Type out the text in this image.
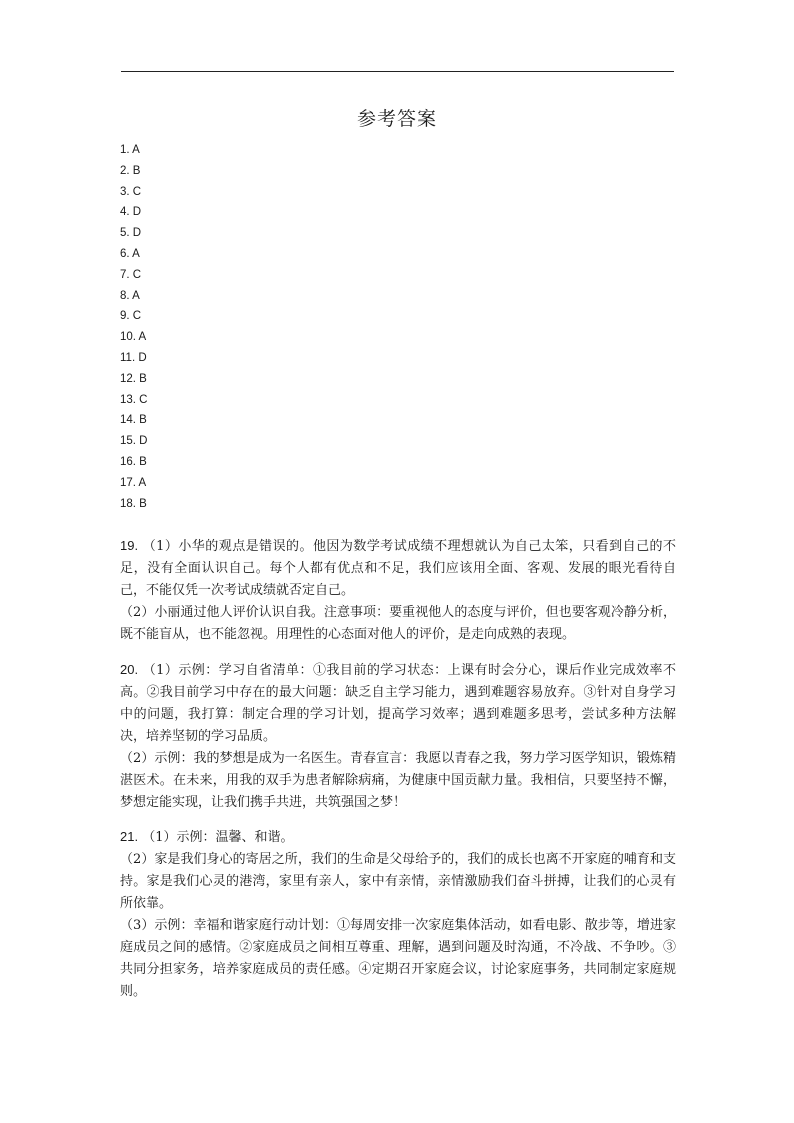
参考答案
1. A
2. B
3. C
4. D
5. D
6. A
7. C
8. A
9. C
10. A
11. D
12. B
13. C
14. B
15. D
16. B
17. A
18. B

19. （1）小华的观点是错误的。他因为数学考试成绩不理想就认为自己太笨，只看到自己的不足，没有全面认识自己。每个人都有优点和不足，我们应该用全面、客观、发展的眼光看待自己，不能仅凭一次考试成绩就否定自己。

（2）小丽通过他人评价认识自我。注意事项：要重视他人的态度与评价，但也要客观冷静分析，既不能盲从，也不能忽视。用理性的心态面对他人的评价，是走向成熟的表现。

20. （1）示例：学习自省清单：①我目前的学习状态：上课有时会分心，课后作业完成效率不高。②我目前学习中存在的最大问题：缺乏自主学习能力，遇到难题容易放弃。③针对自身学习中的问题，我打算：制定合理的学习计划，提高学习效率；遇到难题多思考，尝试多种方法解决，培养坚韧的学习品质。

（2）示例：我的梦想是成为一名医生。青春宣言：我愿以青春之我，努力学习医学知识，锻炼精湛医术。在未来，用我的双手为患者解除病痛，为健康中国贡献力量。我相信，只要坚持不懈，梦想定能实现，让我们携手共进，共筑强国之梦！

21. （1）示例：温馨、和谐。

（2）家是我们身心的寄居之所，我们的生命是父母给予的，我们的成长也离不开家庭的哺育和支持。家是我们心灵的港湾，家里有亲人，家中有亲情，亲情激励我们奋斗拼搏，让我们的心灵有所依靠。

（3）示例：幸福和谐家庭行动计划：①每周安排一次家庭集体活动，如看电影、散步等，增进家庭成员之间的感情。②家庭成员之间相互尊重、理解，遇到问题及时沟通，不冷战、不争吵。③共同分担家务，培养家庭成员的责任感。④定期召开家庭会议，讨论家庭事务，共同制定家庭规则。
